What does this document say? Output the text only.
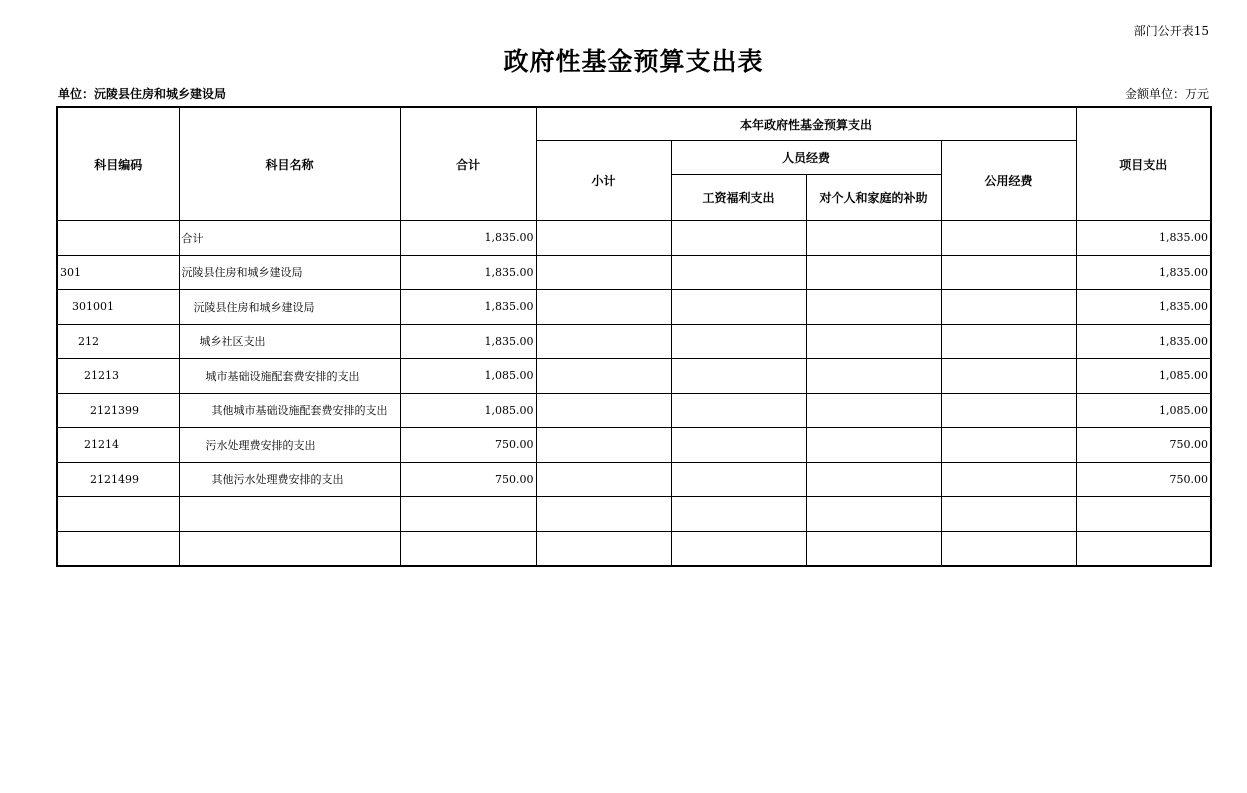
部门公开表15
政府性基金预算支出表
单位：沅陵县住房和城乡建设局	金额单位：万元
科目编码	科目名称	合计	本年政府性基金预算支出				项目支出
			小计	人员经费		公用经费	
				工资福利支出	对个人和家庭的补助		
	合计	1,835.00					1,835.00
301	沅陵县住房和城乡建设局	1,835.00					1,835.00
301001	沅陵县住房和城乡建设局	1,835.00					1,835.00
212	城乡社区支出	1,835.00					1,835.00
21213	城市基础设施配套费安排的支出	1,085.00					1,085.00
2121399	其他城市基础设施配套费安排的支出	1,085.00					1,085.00
21214	污水处理费安排的支出	750.00					750.00
2121499	其他污水处理费安排的支出	750.00					750.00
